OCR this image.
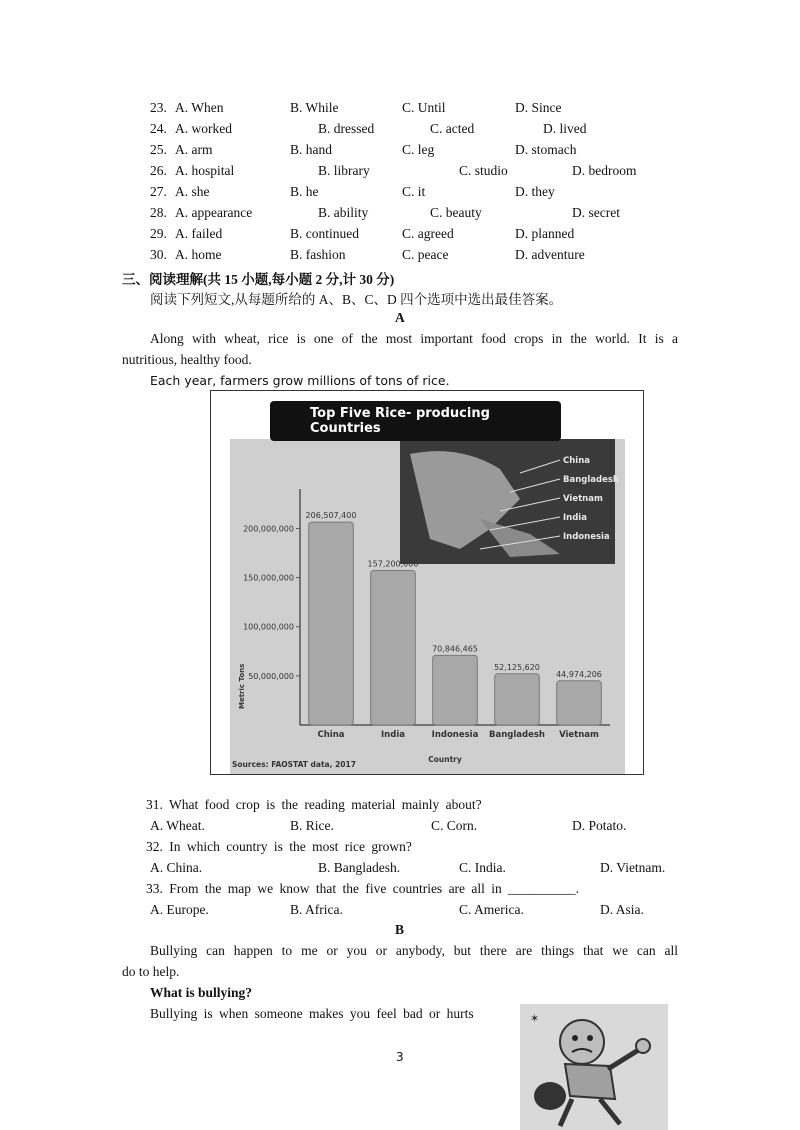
23. A. When	B. While	C. Until	D. Since
24. A. worked	B. dressed	C. acted	D. lived
25. A. arm	B. hand	C. leg	D. stomach
26. A. hospital	B. library	C. studio	D. bedroom
27. A. she	B. he	C. it	D. they
28. A. appearance	B. ability	C. beauty	D. secret
29. A. failed	B. continued	C. agreed	D. planned
30. A. home	B. fashion	C. peace	D. adventure
三、阅读理解(共 15 小题,每小题 2 分,计 30 分)
阅读下列短文,从每题所给的 A、B、C、D 四个选项中选出最佳答案。
A
Along with wheat, rice is one of the most important food crops in the world. It is a
nutritious, healthy food.
Each year, farmers grow millions of tons of rice.
50,000,000
100,000,000
150,000,000
200,000,000
206,507,400
China
157,200,000
India
70,846,465
Indonesia
52,125,620
Bangladesh
44,974,206
Vietnam
Country
Metric Tons
Sources: FAOSTAT data, 2017
China
Bangladesh
Vietnam
India
Indonesia
Top Five Rice- producing Countries
31. What food crop is the reading material mainly about?
A. Wheat.	B. Rice.	C. Corn.	D. Potato.
32. In which country is the most rice grown?
A. China.	B. Bangladesh.	C. India.	D. Vietnam.
33. From the map we know that the five countries are all in __________.
A. Europe.	B. Africa.	C. America.	D. Asia.
B
Bullying can happen to me or you or anybody, but there are things that we can all
do to help.
What is bullying?
Bullying is when someone makes you feel bad or hurts
3
✶
